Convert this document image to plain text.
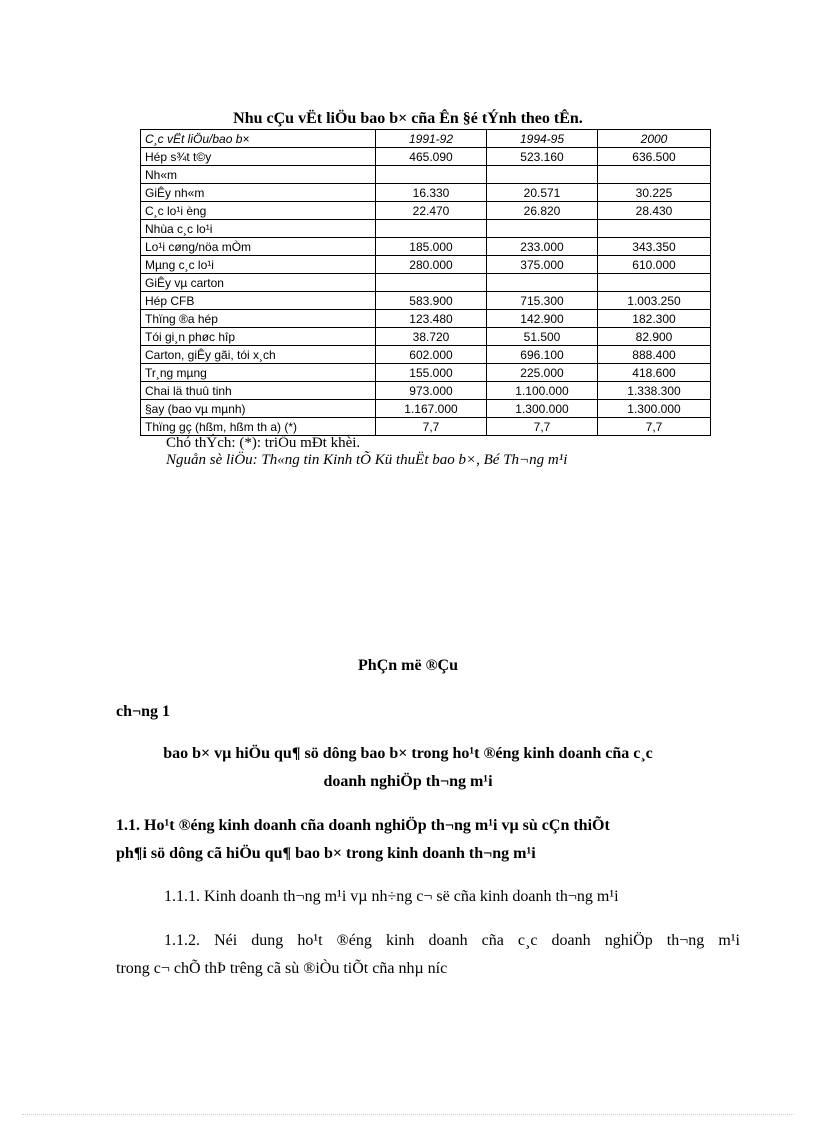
Nhu cÇu vËt liÖu bao b× cña Ên §é tÝnh theo tÊn.
C¸c vËt liÖu/bao b×	1991-92	1994-95	2000
Hép s¾t t©y	465.090	523.160	636.500
Nh«m			
GiÊy nh«m	16.330	20.571	30.225
C¸c lo¹i èng	22.470	26.820	28.430
Nhùa c¸c lo¹i			
Lo¹i cøng/nöa mÒm	185.000	233.000	343.350
Mµng c¸c lo¹i	280.000	375.000	610.000
GiÊy vµ carton			
Hép CFB	583.900	715.300	1.003.250
Thïng ®a hép	123.480	142.900	182.300
Tói gi¸n phøc hîp	38.720	51.500	82.900
Carton, giÊy gãi, tói x¸ch	602.000	696.100	888.400
Tr¸ng mµng	155.000	225.000	418.600
Chai lä thuû tinh	973.000	1.100.000	1.338.300
§ay (bao vµ mµnh)	1.167.000	1.300.000	1.300.000
Thïng gç (hßm, hßm th a) (*)	7,7	7,7	7,7
Chó thÝch: (*): triÖu mÐt khèi.
Nguån sè liÖu: Th«ng tin Kinh tÕ Kü thuËt bao b×, Bé Th¬ng m¹i
PhÇn më ®Çu
ch¬ng 1
bao b× vµ hiÖu qu¶ sö dông bao b× trong ho¹t ®éng kinh doanh cña c¸c
doanh nghiÖp th¬ng m¹i
1.1. Ho¹t ®éng kinh doanh cña doanh nghiÖp th¬ng m¹i vµ sù cÇn thiÕt
ph¶i sö dông cã hiÖu qu¶ bao b× trong kinh doanh th¬ng m¹i
1.1.1. Kinh doanh th¬ng m¹i vµ nh÷ng c¬ së cña kinh doanh th¬ng m¹i
1.1.2. Néi dung ho¹t ®éng kinh doanh cña c¸c doanh nghiÖp th¬ng m¹i
trong c¬ chÕ thÞ trêng cã sù ®iÒu tiÕt cña nhµ níc
